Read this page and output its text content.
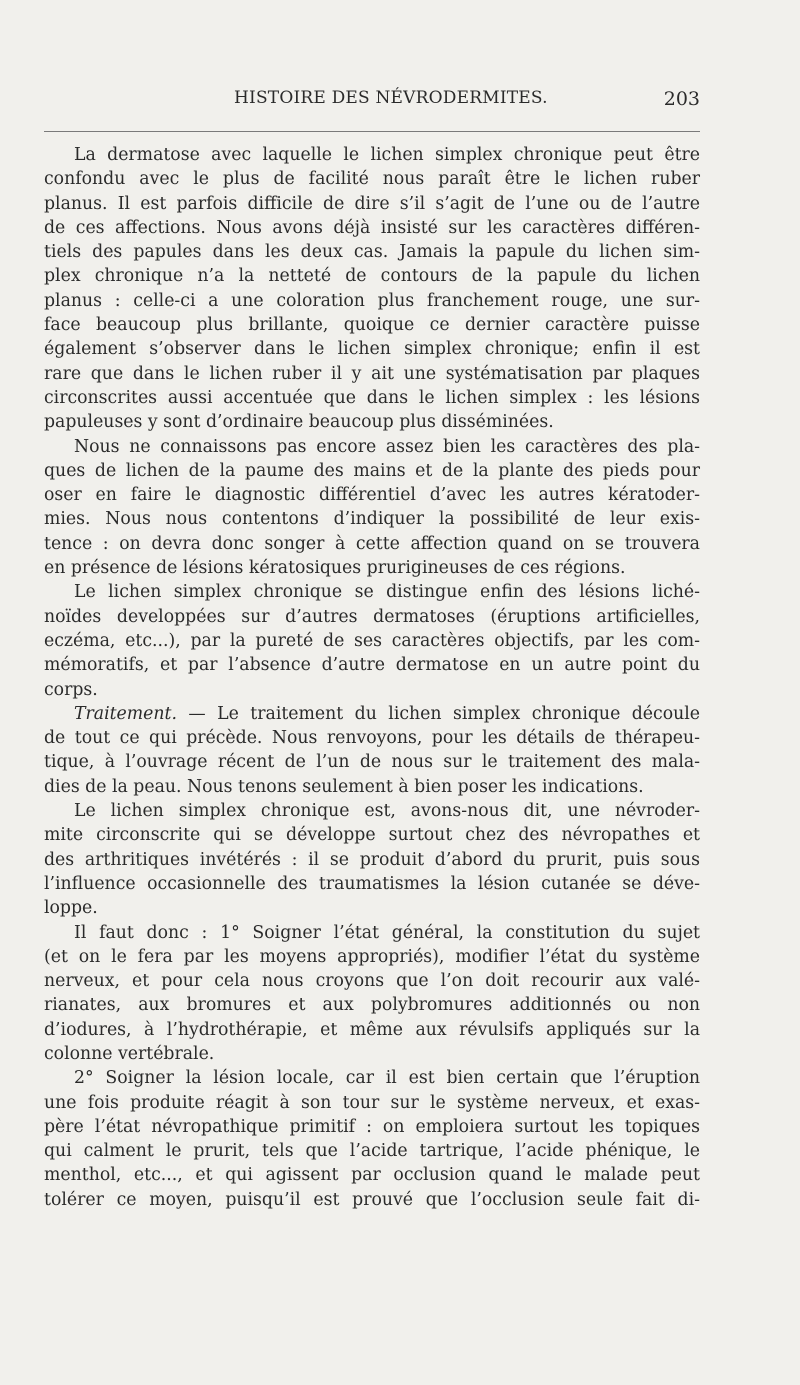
HISTOIRE DES NÉVRODERMITES.	203
La dermatose avec laquelle le lichen simplex chronique peut être
confondu avec le plus de facilité nous paraît être le lichen ruber
planus. Il est parfois difficile de dire s’il s’agit de l’une ou de l’autre
de ces affections. Nous avons déjà insisté sur les caractères différen-
tiels des papules dans les deux cas. Jamais la papule du lichen sim-
plex chronique n’a la netteté de contours de la papule du lichen
planus : celle-ci a une coloration plus franchement rouge, une sur-
face beaucoup plus brillante, quoique ce dernier caractère puisse
également s’observer dans le lichen simplex chronique; enfin il est
rare que dans le lichen ruber il y ait une systématisation par plaques
circonscrites aussi accentuée que dans le lichen simplex : les lésions
papuleuses y sont d’ordinaire beaucoup plus disséminées.
Nous ne connaissons pas encore assez bien les caractères des pla-
ques de lichen de la paume des mains et de la plante des pieds pour
oser en faire le diagnostic différentiel d’avec les autres kératoder-
mies. Nous nous contentons d’indiquer la possibilité de leur exis-
tence : on devra donc songer à cette affection quand on se trouvera
en présence de lésions kératosiques prurigineuses de ces régions.
Le lichen simplex chronique se distingue enfin des lésions liché-
noïdes developpées sur d’autres dermatoses (éruptions artificielles,
eczéma, etc...), par la pureté de ses caractères objectifs, par les com-
mémoratifs, et par l’absence d’autre dermatose en un autre point du
corps.
Traitement. — Le traitement du lichen simplex chronique découle
de tout ce qui précède. Nous renvoyons, pour les détails de thérapeu-
tique, à l’ouvrage récent de l’un de nous sur le traitement des mala-
dies de la peau. Nous tenons seulement à bien poser les indications.
Le lichen simplex chronique est, avons-nous dit, une névroder-
mite circonscrite qui se développe surtout chez des névropathes et
des arthritiques invétérés : il se produit d’abord du prurit, puis sous
l’influence occasionnelle des traumatismes la lésion cutanée se déve-
loppe.
Il faut donc : 1° Soigner l’état général, la constitution du sujet
(et on le fera par les moyens appropriés), modifier l’état du système
nerveux, et pour cela nous croyons que l’on doit recourir aux valé-
rianates, aux bromures et aux polybromures additionnés ou non
d’iodures, à l’hydrothérapie, et même aux révulsifs appliqués sur la
colonne vertébrale.
2° Soigner la lésion locale, car il est bien certain que l’éruption
une fois produite réagit à son tour sur le système nerveux, et exas-
père l’état névropathique primitif : on emploiera surtout les topiques
qui calment le prurit, tels que l’acide tartrique, l’acide phénique, le
menthol, etc..., et qui agissent par occlusion quand le malade peut
tolérer ce moyen, puisqu’il est prouvé que l’occlusion seule fait di-
